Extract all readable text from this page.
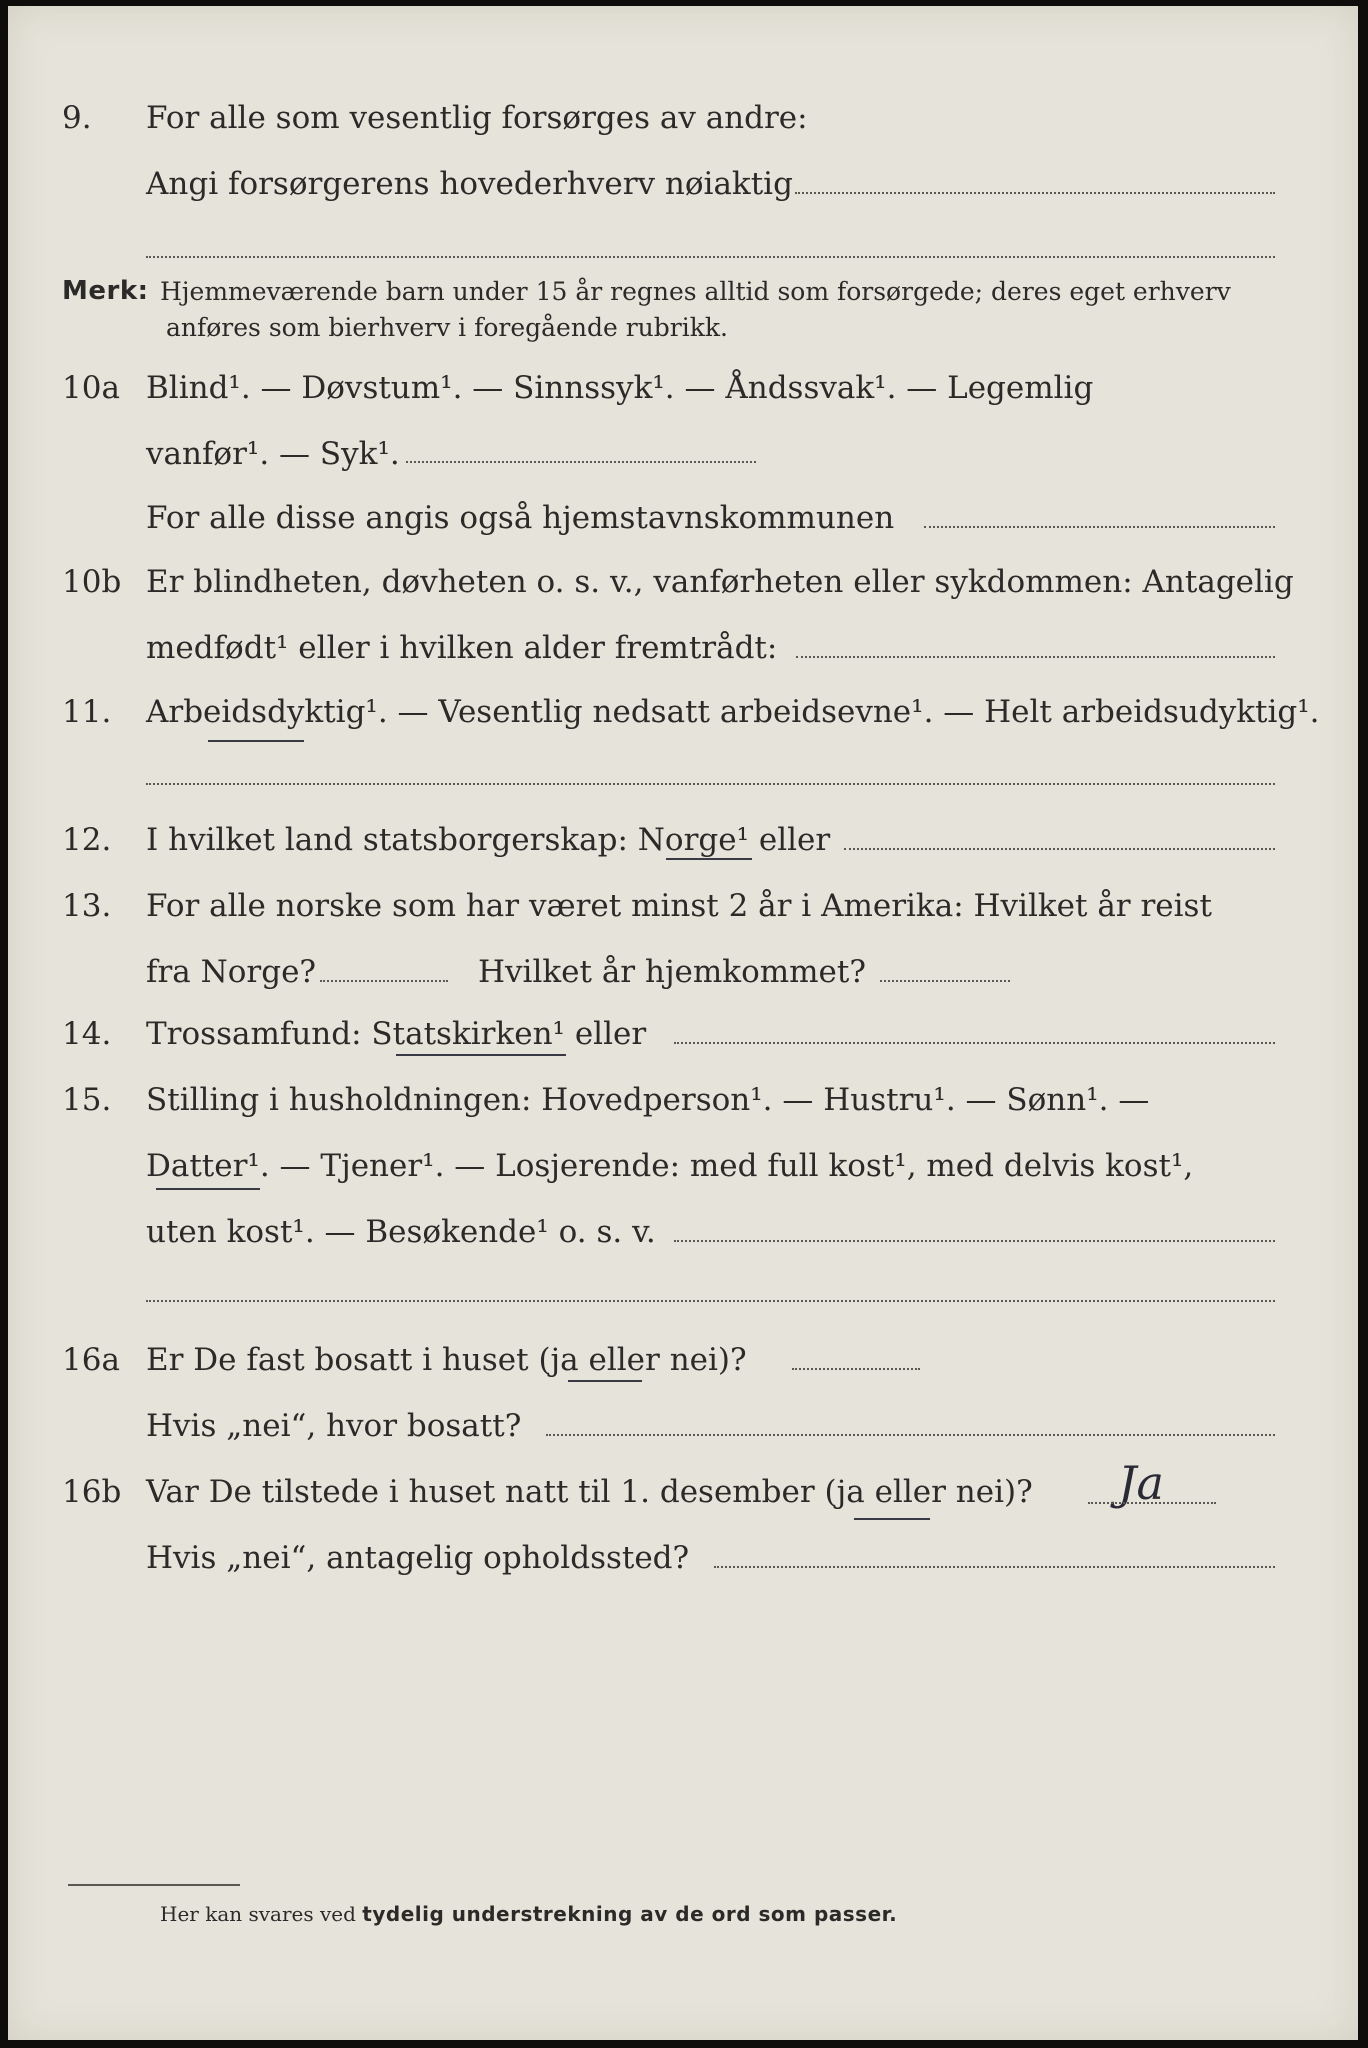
9. For alle som vesentlig forsørges av andre:
Angi forsørgerens hovederhverv nøiaktig
Merk: Hjemmeværende barn under 15 år regnes alltid som forsørgede; deres eget erhverv
anføres som bierhverv i foregående rubrikk.
10a Blind¹. — Døvstum¹. — Sinnssyk¹. — Åndssvak¹. — Legemlig
vanfør¹. — Syk¹.
For alle disse angis også hjemstavnskommunen
10b Er blindheten, døvheten o. s. v., vanførheten eller sykdommen: Antagelig
medfødt¹ eller i hvilken alder fremtrådt:
11. Arbeidsdyktig¹. — Vesentlig nedsatt arbeidsevne¹. — Helt arbeidsudyktig¹.
12. I hvilket land statsborgerskap: Norge¹ eller
13. For alle norske som har været minst 2 år i Amerika: Hvilket år reist
fra Norge?	Hvilket år hjemkommet?
14. Trossamfund: Statskirken¹ eller
15. Stilling i husholdningen: Hovedperson¹. — Hustru¹. — Sønn¹. —
Datter¹. — Tjener¹. — Losjerende: med full kost¹, med delvis kost¹,
uten kost¹. — Besøkende¹ o. s. v.
16a Er De fast bosatt i huset (ja eller nei)?
Hvis „nei“, hvor bosatt?
16b Var De tilstede i huset natt til 1. desember (ja eller nei)? Ja
Hvis „nei“, antagelig opholdssted?
Her kan svares ved tydelig understrekning av de ord som passer.
